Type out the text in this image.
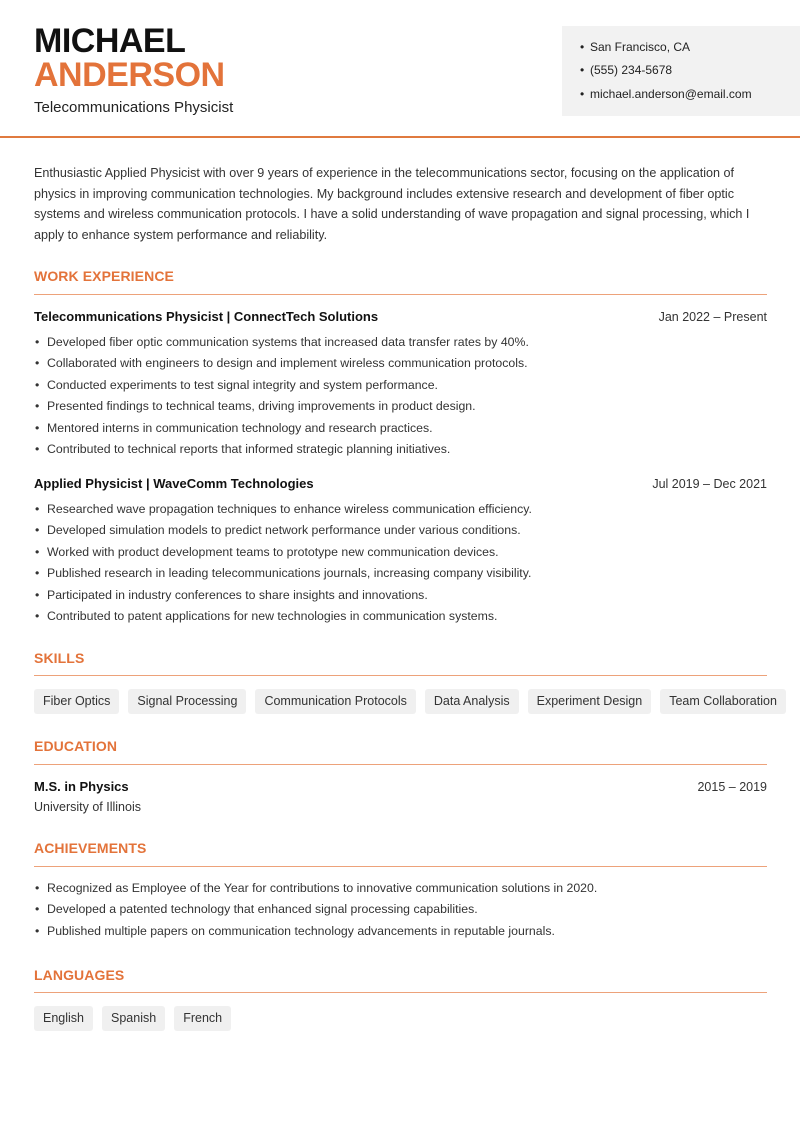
MICHAEL
ANDERSON
Telecommunications Physicist
• San Francisco, CA
• (555) 234-5678
• michael.anderson@email.com
Enthusiastic Applied Physicist with over 9 years of experience in the telecommunications sector, focusing on the application of physics in improving communication technologies. My background includes extensive research and development of fiber optic systems and wireless communication protocols. I have a solid understanding of wave propagation and signal processing, which I apply to enhance system performance and reliability.
WORK EXPERIENCE
Telecommunications Physicist | ConnectTech Solutions	Jan 2022 – Present
• Developed fiber optic communication systems that increased data transfer rates by 40%.
• Collaborated with engineers to design and implement wireless communication protocols.
• Conducted experiments to test signal integrity and system performance.
• Presented findings to technical teams, driving improvements in product design.
• Mentored interns in communication technology and research practices.
• Contributed to technical reports that informed strategic planning initiatives.
Applied Physicist | WaveComm Technologies	Jul 2019 – Dec 2021
• Researched wave propagation techniques to enhance wireless communication efficiency.
• Developed simulation models to predict network performance under various conditions.
• Worked with product development teams to prototype new communication devices.
• Published research in leading telecommunications journals, increasing company visibility.
• Participated in industry conferences to share insights and innovations.
• Contributed to patent applications for new technologies in communication systems.
SKILLS
Fiber Optics	Signal Processing	Communication Protocols	Data Analysis	Experiment Design	Team Collaboration
EDUCATION
M.S. in Physics	2015 – 2019
University of Illinois
ACHIEVEMENTS
• Recognized as Employee of the Year for contributions to innovative communication solutions in 2020.
• Developed a patented technology that enhanced signal processing capabilities.
• Published multiple papers on communication technology advancements in reputable journals.
LANGUAGES
English	Spanish	French
